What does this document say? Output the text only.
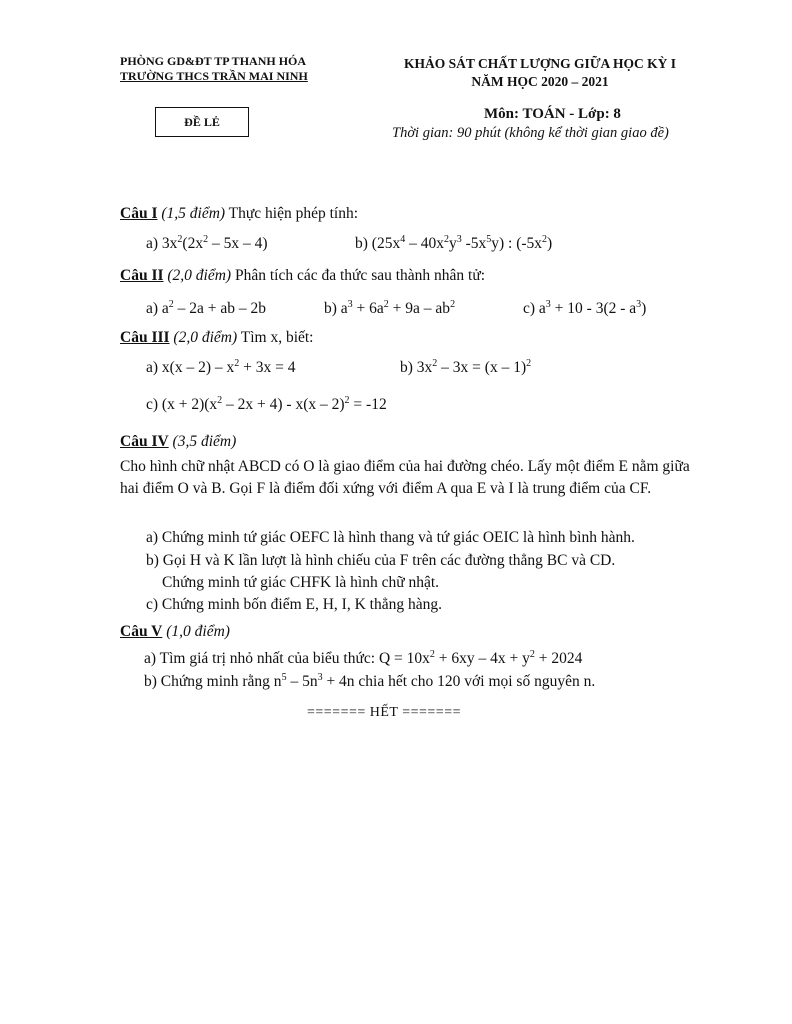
PHÒNG GD&ĐT TP THANH HÓA
TRƯỜNG THCS TRẦN MAI NINH
KHẢO SÁT CHẤT LƯỢNG GIỮA HỌC KỲ I
NĂM HỌC 2020 – 2021
ĐỀ LẺ	Môn: TOÁN - Lớp: 8
Thời gian: 90 phút (không kể thời gian giao đề)
Câu I (1,5 điểm) Thực hiện phép tính:
a) $3x^2(2x^2 - 5x - 4)$	b) ($25x^4 - 40x^2y^3$ $-5x^5y$) : $(-5x^2)$
Câu II (2,0 điểm) Phân tích các đa thức sau thành nhân tử:
a) $a^2 - 2a$ + ab – 2b	b) $a^3 + 6a^2 + 9a - ab^2$	c) $a^3 + 10 - 3(2 - a^3)$
Câu III (2,0 điểm) Tìm x, biết:
a) $x(x - 2) - x^2 + 3x = 4$	b) $3x^2 - 3x = (x - 1)^2$
c) $(x + 2)(x^2 - 2x + 4) - x(x - 2)^2 = -12$
Câu IV (3,5 điểm)
Cho hình chữ nhật ABCD có O là giao điểm của hai đường chéo. Lấy một điểm E nằm giữa hai điểm O và B. Gọi F là điểm đối xứng với điểm A qua E và I là trung điểm của CF.
a) Chứng minh tứ giác OEFC là hình thang và tứ giác OEIC là hình bình hành.
b) Gọi H và K lần lượt là hình chiếu của F trên các đường thẳng BC và CD.
Chứng minh tứ giác CHFK là hình chữ nhật.
c) Chứng minh bốn điểm E, H, I, K thẳng hàng.
Câu V (1,0 điểm)
a) Tìm giá trị nhỏ nhất của biểu thức: $Q = 10x^2 + 6xy - 4x + y^2 + 2024$
b) Chứng minh rằng $n^5 - 5n^3 + 4n$ chia hết cho 120 với mọi số nguyên n.
======= HẾT =======
